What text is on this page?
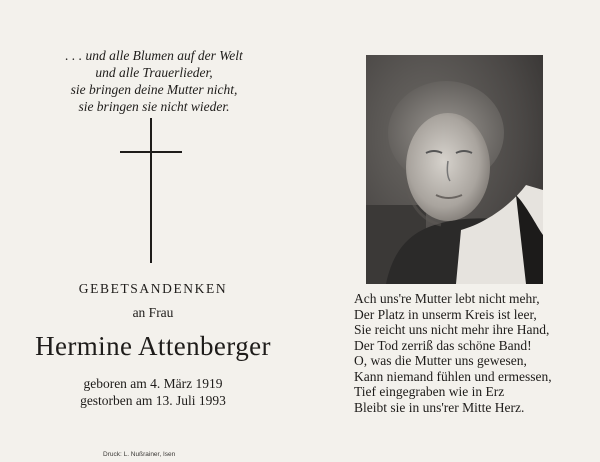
. . . und alle Blumen auf der Welt
und alle Trauerlieder,
sie bringen deine Mutter nicht,
sie bringen sie nicht wieder.
GEBETSANDENKEN
an Frau
Hermine Attenberger
geboren am 4. März 1919
gestorben am 13. Juli 1993
Druck: L. Nußrainer, Isen
Ach uns're Mutter lebt nicht mehr,
Der Platz in unserm Kreis ist leer,
Sie reicht uns nicht mehr ihre Hand,
Der Tod zerriß das schöne Band!
O, was die Mutter uns gewesen,
Kann niemand fühlen und ermessen,
Tief eingegraben wie in Erz
Bleibt sie in uns'rer Mitte Herz.
